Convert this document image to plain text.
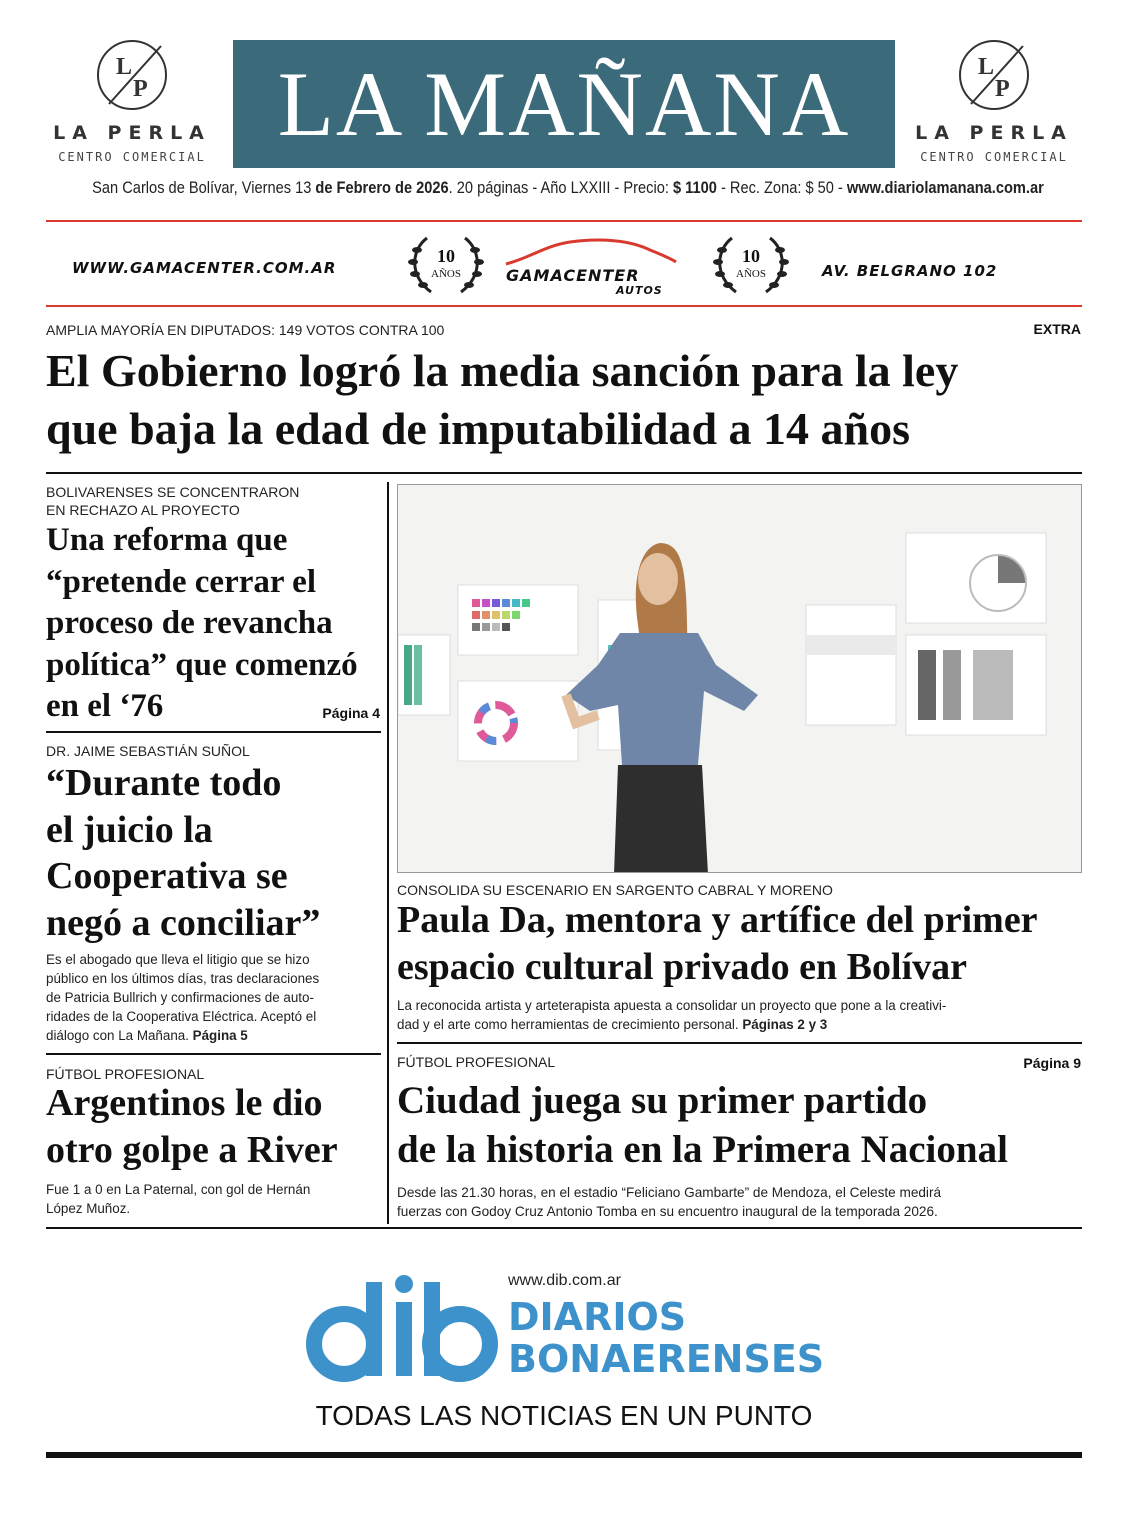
L
P
LA PERLA
CENTRO COMERCIAL
LA MAÑANA	L
P
LA PERLA
CENTRO COMERCIAL
San Carlos de Bolívar, Viernes 13 de Febrero de 2026. 20 páginas - Año LXXIII - Precio: $ 1100 - Rec. Zona: $ 50 - www.diariolamanana.com.ar
WWW.GAMACENTER.COM.AR
10
AÑOS	GAMACENTER
AUTOS
10
AÑOS	AV. BELGRANO 102
AMPLIA MAYORÍA EN DIPUTADOS: 149 VOTOS CONTRA 100	EXTRA
El Gobierno logró la media sanción para la ley
que baja la edad de imputabilidad a 14 años
BOLIVARENSES SE CONCENTRARON
EN RECHAZO AL PROYECTO
Una reforma que
“pretende cerrar el
proceso de revancha
política” que comenzó
en el ‘76	Página 4
DR. JAIME SEBASTIÁN SUÑOL
“Durante todo
el juicio la
Cooperativa se
negó a conciliar”
Es el abogado que lleva el litigio que se hizo
público en los últimos días, tras declaraciones
de Patricia Bullrich y confirmaciones de auto-
ridades de la Cooperativa Eléctrica. Aceptó el
diálogo con La Mañana. Página 5
FÚTBOL PROFESIONAL
Argentinos le dio
otro golpe a River
Fue 1 a 0 en La Paternal, con gol de Hernán
López Muñoz.
CONSOLIDA SU ESCENARIO EN SARGENTO CABRAL Y MORENO
Paula Da, mentora y artífice del primer
espacio cultural privado en Bolívar
La reconocida artista y arteterapista apuesta a consolidar un proyecto que pone a la creativi-
dad y el arte como herramientas de crecimiento personal. Páginas 2 y 3
FÚTBOL PROFESIONAL	Página 9
Ciudad juega su primer partido
de la historia en la Primera Nacional
Desde las 21.30 horas, en el estadio “Feliciano Gambarte” de Mendoza, el Celeste medirá
fuerzas con Godoy Cruz Antonio Tomba en su encuentro inaugural de la temporada 2026.
www.dib.com.ar
DIARIOS
BONAERENSES
TODAS LAS NOTICIAS EN UN PUNTO
